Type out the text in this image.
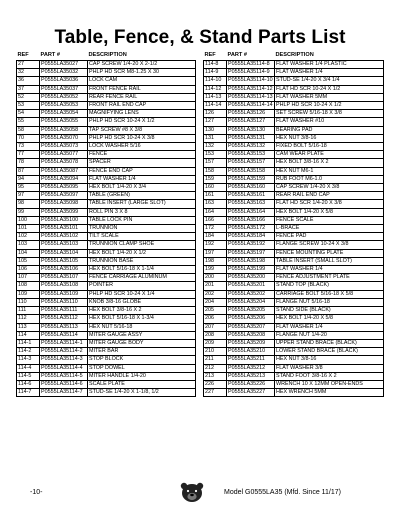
Table, Fence, & Stand Parts List
REF	PART #	DESCRIPTION
27	P0555LA35027	CAP SCREW 1/4-20 X 2-1/2
32	P0555LA35032	PHLP HD SCR M8-1.25 X 30
36	P0555LA35036	LOCK CAM
37	P0555LA35037	FRONT FENCE RAIL
52	P0555LA35052	REAR FENCE RAIL
53	P0555LA35053	FRONT RAIL END CAP
54	P0555LA35054	MAGNIFYING LENS
55	P0555LA35055	PHLP HD SCR 10-24 X 1/2
58	P0555LA35058	TAP SCREW #8 X 3/8
70	P0555LA35070	PHLP HD SCR 10-24 X 3/8
73	P0555LA35073	LOCK WASHER 5/16
77	P0555LA35077	FENCE
78	P0555LA35078	SPACER
87	P0555LA35087	FENCE END CAP
94	P0555LA35094	FLAT WASHER 1/4
95	P0555LA35095	HEX BOLT 1/4-20 X 3/4
97	P0555LA35097	TABLE (GREEN)
98	P0555LA35098	TABLE INSERT (LARGE SLOT)
99	P0555LA35099	ROLL PIN 3 X 8
100	P0555LA35100	TABLE LOCK PIN
101	P0555LA35101	TRUNNION
102	P0555LA35102	TILT SCALE
103	P0555LA35103	TRUNNION CLAMP SHOE
104	P0555LA35104	HEX BOLT 1/4-20 X 1/2
105	P0555LA35105	TRUNNION BASE
106	P0555LA35106	HEX BOLT 5/16-18 X 1-1/4
107	P0555LA35107	FENCE CARRIAGE ALUMINUM
108	P0555LA35108	POINTER
109	P0555LA35109	PHLP HD SCR 10-24 X 1/4
110	P0555LA35110	KNOB 3/8-16 GLOBE
111	P0555LA35111	HEX BOLT 3/8-16 X 2
112	P0555LA35112	HEX BOLT 5/16-18 X 1-3/4
113	P0555LA35113	HEX NUT 5/16-18
114	P0555LA35114	MITER GAUGE ASSY
114-1	P0555LA35114-1	MITER GAUGE BODY
114-2	P0555LA35114-2	MITER BAR
114-3	P0555LA35114-3	STOP BLOCK
114-4	P0555LA35114-4	STOP DOWEL
114-5	P0555LA35114-5	MITER HANDLE 1/4-20
114-6	P0555LA35114-6	SCALE PLATE
114-7	P0555LA35114-7	STUD-SE 1/4-20 X 1-1/8, 1/2
REF	PART #	DESCRIPTION
114-8	P0555LA35114-8	FLAT WASHER 1/4 PLASTIC
114-9	P0555LA35114-9	FLAT WASHER 1/4
114-10	P0555LA35114-10	STUD-SE 1/4-20 X 3/4 1/4
114-12	P0555LA35114-12	FLAT HD SCR 10-24 X 1/2
114-13	P0555LA35114-13	FLAT WASHER 5MM
114-14	P0555LA35114-14	PHLP HD SCR 10-24 X 1/2
126	P0555LA35126	SET SCREW 5/16-18 X 3/8
127	P0555LA35127	FLAT WASHER #10
130	P0555LA35130	BEARING PAD
131	P0555LA35131	HEX NUT 3/8-16
132	P0555LA35132	FIXED BOLT 5/16-18
153	P0555LA35153	CAM WEAR PLATE
157	P0555LA35157	HEX BOLT 3/8-16 X 2
158	P0555LA35158	HEX NUT M6-1
159	P0555LA35159	RUB FOOT M6-1.0
160	P0555LA35160	CAP SCREW 1/4-20 X 3/8
161	P0555LA35161	REAR RAIL END CAP
163	P0555LA35163	FLAT HD SCR 1/4-20 X 3/8
164	P0555LA35164	HEX BOLT 1/4-20 X 5/8
166	P0555LA35166	FENCE SCALE
172	P0555LA35172	L-BRACE
184	P0555LA35184	FENCE PAD
192	P0555LA35192	FLANGE SCREW 10-24 X 3/8
197	P0555LA35197	FENCE MOUNTING PLATE
198	P0555LA35198	TABLE INSERT (SMALL SLOT)
199	P0555LA35199	FLAT WASHER 1/4
200	P0555LA35200	FENCE ADJUSTMENT PLATE
201	P0555LA35201	STAND TOP (BLACK)
202	P0555LA35202	CARRIAGE BOLT 5/16-18 X 5/8
204	P0555LA35204	FLANGE NUT 5/16-18
205	P0555LA35205	STAND SIDE (BLACK)
206	P0555LA35206	HEX BOLT 1/4-20 X 5/8
207	P0555LA35207	FLAT WASHER 1/4
208	P0555LA35208	FLANGE NUT 1/4-20
209	P0555LA35209	UPPER STAND BRACE (BLACK)
210	P0555LA35210	LOWER STAND BRACE (BLACK)
211	P0555LA35211	HEX NUT 3/8-16
212	P0555LA35212	FLAT WASHER 3/8
213	P0555LA35213	STAND FOOT 3/8-16 X 2
226	P0555LA35226	WRENCH 10 X 12MM OPEN-ENDS
227	P0555LA35227	HEX WRENCH 5MM
-10-	Model G0555LA35 (Mfd. Since 11/17)
